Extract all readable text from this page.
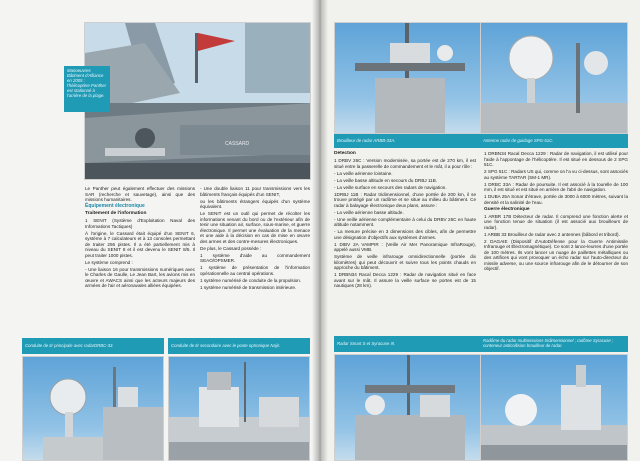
CASSARD
Manoeuvres Bâtiment d'Alliance en 2005 : l'hélicoptère Panther est stationné à l'arrière de la plage.

Le Panther peut également effectuer des missions SAR (recherche et sauvetage), ainsi que des missions humanitaires.

Équipement électronique

Traitement de l'information

1 SENIT (Système d'Exploitation Naval des Informations Tactiques)

À l'origine, le Cassard était équipé d'un SENIT 6, système à 7 calculateurs et à 13 consoles permettant de traiter 256 pistes. Il a été partiellement mis à niveau du SENIT 8 et il est devenu le SENIT 8/5. Il peut traiter 1000 pistes.

Le système comprend :

- Une liaison 16 pour transmissions numériques avec le Charles de Gaulle, Le Jean Bart, les avions mis en œuvre et AWACS ainsi que les acteurs majeurs des armées de l'air et aéronavales alliées équipées.

- Une double liaison 11 pour transmissions vers les bâtiments français équipés d'un SENIT,

ou les bâtiments étrangers équipés d'un système équivalent.

Le SENIT est un outil qui permet de récolter les informations venant du bord ou de l'extérieur afin de tenir une situation air, surface, sous-marine, et guerre électronique. Il permet une évaluation de la menace et une aide à la décision en cas de mise en œuvre des armes et des contre-mesures électroniques.

De plus, le Cassard possède :

1 système d'aide au commandement SEAO/OPSMER.

1 système de présentation de l'information opérationnelle au central opérations.

1 système numérisé de conduite de la propulsion.

1 système numérisé de transmission intérieure.

Conduite de tir principale avec radarDRBC-33.	Conduite de tir secondaire avec le poste optronique Najir.
Brouilleur de radar ARBB-33A.	Antenne radar de guidage SPG-51C.

Détection

1 DRBV 26C : Version modernisée, sa portée est de 270 km, il est situé entre la passerelle de commandement et le mât, il a pour rôle :

- La veille aérienne lointaine.

- La veille basse altitude en secours du DRBJ 11B.

- La veille surface en secours des radars de navigation.

1DRBJ 11B : Radar tridimensionnel, d'une portée de 200 km, il se trouve protégé par un radôme et se situe au milieu du bâtiment. Ce radar à balayage électronique deux plans, assure :

- La veille aérienne basse altitude.

- Une veille aérienne complémentaire à celui du DRBV 26C en haute altitude notamment.

- La mesure précise en 3 dimensions des cibles, afin de permettre une désignation d'objectifs aux systèmes d'armes.

1 DIBV 2A VAMPIR : (Veille Air Mer Panoramique InfraRouge), appelé aussi VMB.

Système de veille infrarouge omnidirectionnelle (portée dix kilomètres) qui peut découvrir et suivre tous les points chauds en approche du bâtiment.

1 DRBN34 Racal Decca 1229 : Radar de navigation situé en face avant sur le mât. Il assure la veille surface se portes est de 15 nautiques (28 km).

1 DRBN34 Racal Decca 1229 : Radar de navigation, il est utilisé pour l'aide à l'appontage de l'hélicoptère. Il est situé en dessous de 2 SPG 51C.

2 SPG 51C : Radars US qui, comme on l'a vu ci-dessus, sont associés au système TARTAR (SM-1 MR).

1 DRBC 33A : Radar de poursuite. Il est associé à la tourelle de 100 mm, il est situé et est situé en arrière de l'abri de navigation.

1 DUBA 25A Sonar d'étrave, portée de 3000 à 6000 mètres, suivant la densité et la salinité de l'eau.

Guerre électronique

1 ARBR 17B Détecteur de radar. Il comprend une fonction alerte et une fonction tenue de situation (il est associé aux brouilleurs de radar).

1 ARBB 33 Brouilleur de radar avec 2 antennes (bâbord et tribord).

2 DAGAIE (Dispositif d'AutoDéfense pour la Guerre Antimissile Infrarouge et Électromagnétique). Ce sont 2 lance-leurres d'une portée de 100 mètres. Ils vont lancer un nuage de paillettes métalliques ou des artifices qui vont provoquer un écho radar sur l'auto-directeur du missile adverse, ou une source infrarouge afin de le détourner de son objectif.

Radar Smart S et Syracuse III.
Radôme du radar multimissions tridimensionnel ; radôme Syracuse ; conteneur anticollision brouilleur de radar.
